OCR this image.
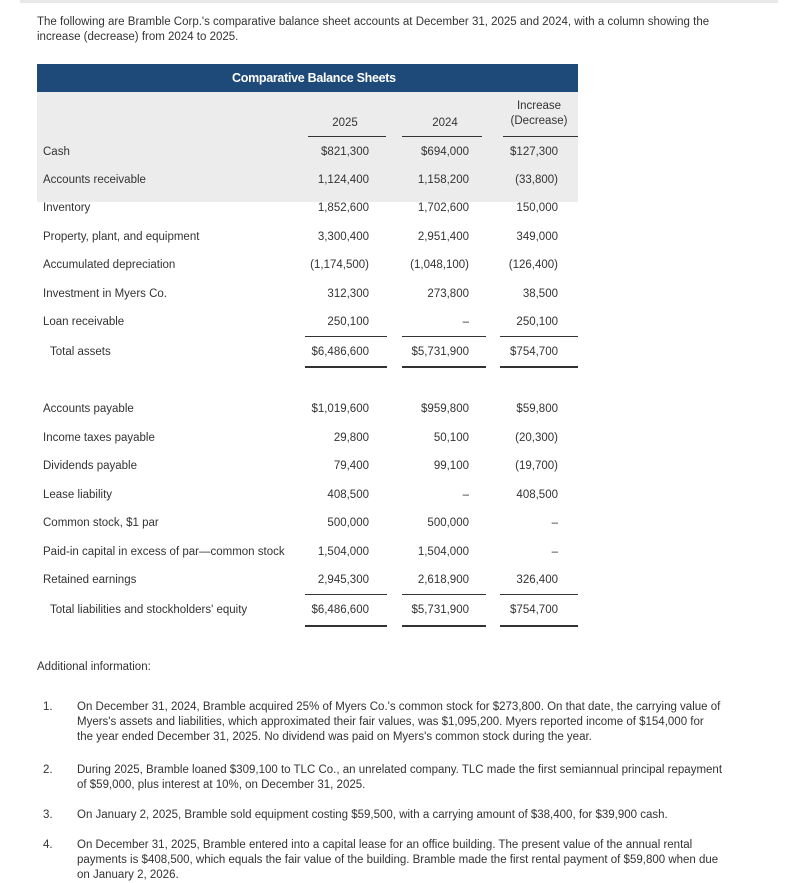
The following are Bramble Corp.'s comparative balance sheet accounts at December 31, 2025 and 2024, with a column showing the increase (decrease) from 2024 to 2025.
Comparative Balance Sheets
2025	2024
Increase
(Decrease)
Cash	$821,300	$694,000	$127,300
Accounts receivable	1,124,400	1,158,200	(33,800)
Inventory	1,852,600	1,702,600	150,000
Property, plant, and equipment	3,300,400	2,951,400	349,000
Accumulated depreciation	(1,174,500)	(1,048,100)	(126,400)
Investment in Myers Co.	312,300	273,800	38,500
Loan receivable	250,100	–	250,100
Total assets	$6,486,600	$5,731,900	$754,700
Accounts payable	$1,019,600	$959,800	$59,800
Income taxes payable	29,800	50,100	(20,300)
Dividends payable	79,400	99,100	(19,700)
Lease liability	408,500	–	408,500
Common stock, $1 par	500,000	500,000	–
Paid-in capital in excess of par—common stock	1,504,000	1,504,000	–
Retained earnings	2,945,300	2,618,900	326,400
Total liabilities and stockholders' equity	$6,486,600	$5,731,900	$754,700
Additional information:
1. On December 31, 2024, Bramble acquired 25% of Myers Co.'s common stock for $273,800. On that date, the carrying value of Myers's assets and liabilities, which approximated their fair values, was $1,095,200. Myers reported income of $154,000 for the year ended December 31, 2025. No dividend was paid on Myers's common stock during the year.
2. During 2025, Bramble loaned $309,100 to TLC Co., an unrelated company. TLC made the first semiannual principal repayment of $59,000, plus interest at 10%, on December 31, 2025.
3. On January 2, 2025, Bramble sold equipment costing $59,500, with a carrying amount of $38,400, for $39,900 cash.
4. On December 31, 2025, Bramble entered into a capital lease for an office building. The present value of the annual rental payments is $408,500, which equals the fair value of the building. Bramble made the first rental payment of $59,800 when due on January 2, 2026.
